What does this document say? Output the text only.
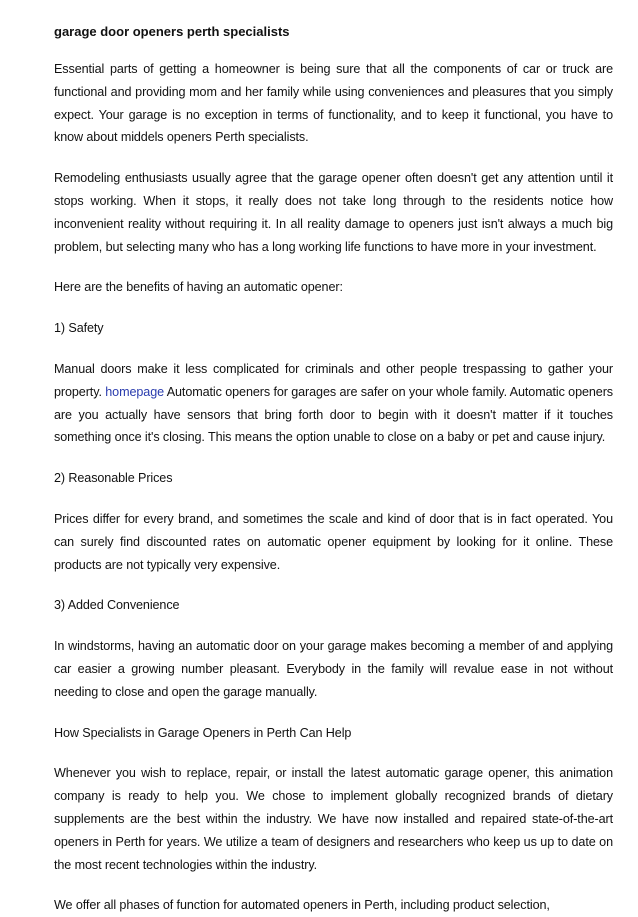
garage door openers perth specialists

Essential parts of getting a homeowner is being sure that all the components of car or truck are functional and providing mom and her family while using conveniences and pleasures that you simply expect. Your garage is no exception in terms of functionality, and to keep it functional, you have to know about middels openers Perth specialists.

Remodeling enthusiasts usually agree that the garage opener often doesn't get any attention until it stops working. When it stops, it really does not take long through to the residents notice how inconvenient reality without requiring it. In all reality damage to openers just isn't always a much big problem, but selecting many who has a long working life functions to have more in your investment.

Here are the benefits of having an automatic opener:

1) Safety

Manual doors make it less complicated for criminals and other people trespassing to gather your property. homepage Automatic openers for garages are safer on your whole family. Automatic openers are you actually have sensors that bring forth door to begin with it doesn't matter if it touches something once it's closing. This means the option unable to close on a baby or pet and cause injury.

2) Reasonable Prices

Prices differ for every brand, and sometimes the scale and kind of door that is in fact operated. You can surely find discounted rates on automatic opener equipment by looking for it online. These products are not typically very expensive.

3) Added Convenience

In windstorms, having an automatic door on your garage makes becoming a member of and applying car easier a growing number pleasant. Everybody in the family will revalue ease in not without needing to close and open the garage manually.

How Specialists in Garage Openers in Perth Can Help

Whenever you wish to replace, repair, or install the latest automatic garage opener, this animation company is ready to help you. We chose to implement globally recognized brands of dietary supplements are the best within the industry. We have now installed and repaired state-of-the-art openers in Perth for years. We utilize a team of designers and researchers who keep us up to date on the most recent technologies within the industry.

We offer all phases of function for automated openers in Perth, including product selection,
